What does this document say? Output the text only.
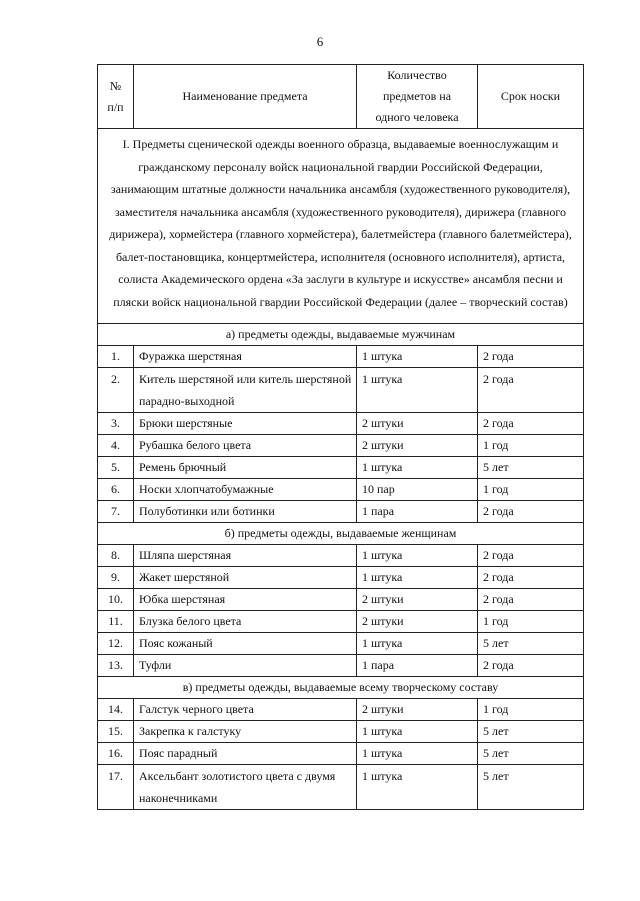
6
№ п/п	Наименование предмета	Количество предметов на одного человека	Срок носки
I. Предметы сценической одежды военного образца, выдаваемые военнослужащим и гражданскому персоналу войск национальной гвардии Российской Федерации, занимающим штатные должности начальника ансамбля (художественного руководителя), заместителя начальника ансамбля (художественного руководителя), дирижера (главного дирижера), хормейстера (главного хормейстера), балетмейстера (главного балетмейстера), балет-постановщика, концертмейстера, исполнителя (основного исполнителя), артиста, солиста Академического ордена «За заслуги в культуре и искусстве» ансамбля песни и пляски войск национальной гвардии Российской Федерации (далее – творческий состав)			
а) предметы одежды, выдаваемые мужчинам			
1.	Фуражка шерстяная	1 штука	2 года
2.	Китель шерстяной или китель шерстяной парадно-выходной	1 штука	2 года
3.	Брюки шерстяные	2 штуки	2 года
4.	Рубашка белого цвета	2 штуки	1 год
5.	Ремень брючный	1 штука	5 лет
6.	Носки хлопчатобумажные	10 пар	1 год
7.	Полуботинки или ботинки	1 пара	2 года
б) предметы одежды, выдаваемые женщинам			
8.	Шляпа шерстяная	1 штука	2 года
9.	Жакет шерстяной	1 штука	2 года
10.	Юбка шерстяная	2 штуки	2 года
11.	Блузка белого цвета	2 штуки	1 год
12.	Пояс кожаный	1 штука	5 лет
13.	Туфли	1 пара	2 года
в) предметы одежды, выдаваемые всему творческому составу			
14.	Галстук черного цвета	2 штуки	1 год
15.	Закрепка к галстуку	1 штука	5 лет
16.	Пояс парадный	1 штука	5 лет
17.	Аксельбант золотистого цвета с двумя наконечниками	1 штука	5 лет
